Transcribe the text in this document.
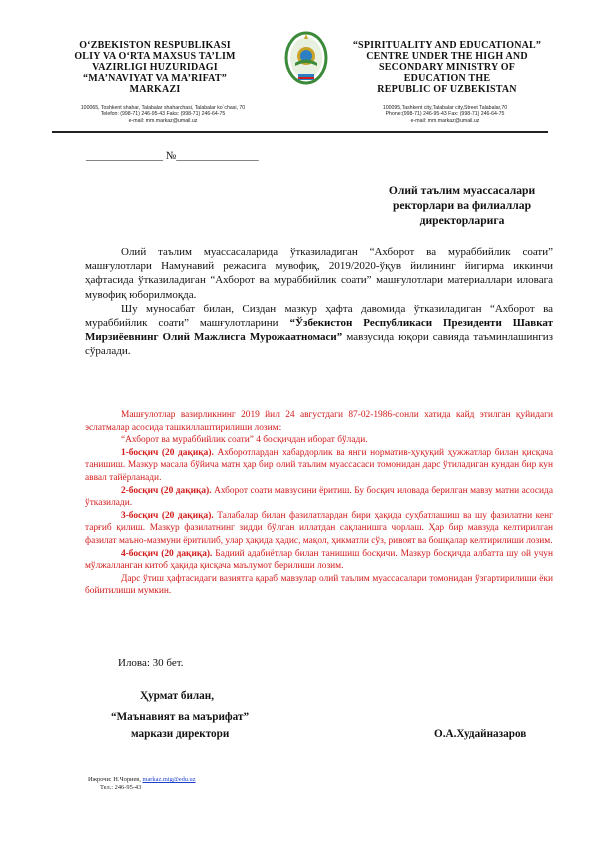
O‘ZBEKISTON RESPUBLIKASI
OLIY VA O‘RTA MAXSUS TA’LIM
VAZIRLIGI HUZURIDAGI
“MA’NAVIYAT VA MA’RIFAT”
MARKAZI
“SPIRITUALITY AND EDUCATIONAL”
CENTRE UNDER THE HIGH AND
SECONDARY MINISTRY OF
EDUCATION THE
REPUBLIC OF UZBEKISTAN
100065, Toshkent shahar, Talabalar shaharchasi, Talabalar ko`chasi, 70
Telefon: (998-71) 246-95-43 Faks: (998-71) 246-64-75
e-mail: mm.markaz@umail.uz
100095,Tashkent city,Talabalar city,Street Talabalar,70
Phone:(998-71) 246-95-43 Fax: (998-71) 246-64-75
e-mail: mm.markaz@umail.uz
______________ №_______________
Олий таълим муассасалари
ректорлари ва филиаллар
директорларига

Олий таълим муассасаларида ўтказиладиган “Ахборот ва мураббийлик соати” машғулотлари Намунавий режасига мувофиқ, 2019/2020-ўқув йилининг йигирма иккинчи ҳафтасида ўтказиладиган “Ахборот ва мураббийлик соати” машғулотлари материаллари иловага мувофиқ юборилмоқда.

Шу муносабат билан, Сиздан мазкур ҳафта давомида ўтказиладиган “Ахборот ва мураббийлик соати” машғулотларини “Ўзбекистон Республикаси Президенти Шавкат Мирзиёевнинг Олий Мажлисга Мурожаатномаси” мавзусида юқори савияда таъминлашингиз сўралади.

Машғулотлар вазирликнинг 2019 йил 24 августдаги 87-02-1986-сонли хатида кайд этилган қуйидаги эслатмалар асосида ташкиллаштирилиши лозим:

“Ахборот ва мураббийлик соати” 4 босқичдан иборат бўлади.

1-босқич (20 дақиқа). Ахборотлардан хабардорлик ва янги норматив-ҳуқуқий ҳужжатлар билан қисқача танишиш. Мазкур масала бўйича матн ҳар бир олий таълим муассасаси томонидан дарс ўтиладиган кундан бир кун аввал тайёрланади.

2-босқич (20 дақиқа). Ахборот соати мавзусини ёритиш. Бу босқич иловада берилган мавзу матни асосида ўтказилади.

3-босқич (20 дақиқа). Талабалар билан фазилатлардан бири ҳақида суҳбатлашиш ва шу фазилатни кенг тарғиб қилиш. Мазкур фазилатнинг зидди бўлган иллатдан сақланишга чорлаш. Ҳар бир мавзуда келтирилган фазилат маъно-мазмуни ёритилиб, улар ҳақида ҳадис, мақол, ҳикматли сўз, ривоят ва бошқалар келтирилиши лозим.

4-босқич (20 дақиқа). Бадиий адабиётлар билан танишиш босқичи. Мазкур босқичда албатта шу ой учун мўлжалланган китоб ҳақида қисқача маълумот берилиши лозим.

Дарс ўтиш ҳафтасидаги вазиятга қараб мавзулар олий таълим муассасалари томонидан ўзгартирилиши ёки бойитилиши мумкин.

Илова: 30 бет.
Ҳурмат билан,
“Маънавият ва маърифат”
маркази директори	О.А.Худайназаров
Ижрочи: Н.Чориев, markaz.mig@edu.uz
Тел.: 246-95-43
